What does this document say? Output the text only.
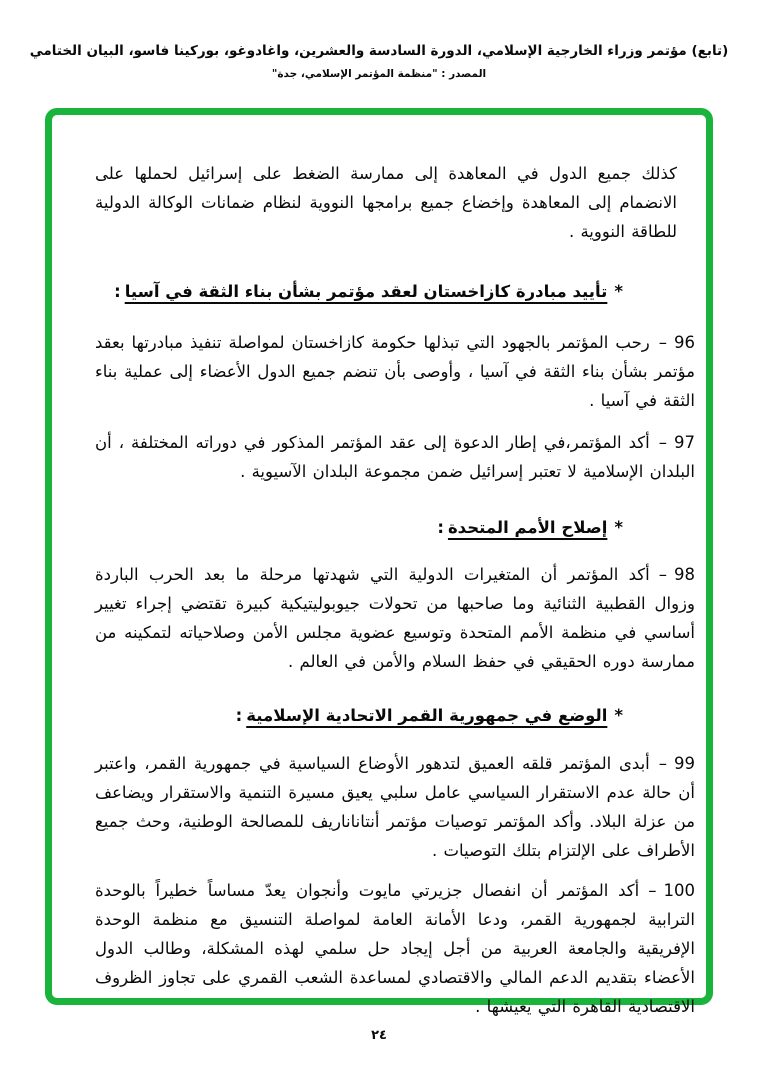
(تابع) مؤتمر وزراء الخارجية الإسلامي، الدورة السادسة والعشرين، واغادوغو، بوركينا فاسو، البيان الختامي
المصدر : "منظمة المؤتمر الإسلامي، جدة"

كذلك جميع الدول في المعاهدة إلى ممارسة الضغط على إسرائيل لحملها على الانضمام إلى المعاهدة وإخضاع جميع برامجها النووية لنظام ضمانات الوكالة الدولية للطاقة النووية .

*تأييد مبادرة كازاخستان لعقد مؤتمر بشأن بناء الثقة في آسيا:

96–رحب المؤتمر بالجهود التي تبذلها حكومة كازاخستان لمواصلة تنفيذ مبادرتها بعقد مؤتمر بشأن بناء الثقة في آسيا ، وأوصى بأن تنضم جميع الدول الأعضاء إلى عملية بناء الثقة في آسيا .

97–أكد المؤتمر،في إطار الدعوة إلى عقد المؤتمر المذكور في دوراته المختلفة ، أن البلدان الإسلامية لا تعتبر إسرائيل ضمن مجموعة البلدان الآسيوية .

*إصلاح الأمم المتحدة:

98–أكد المؤتمر أن المتغيرات الدولية التي شهدتها مرحلة ما بعد الحرب الباردة وزوال القطبية الثنائية وما صاحبها من تحولات جيوبوليتيكية كبيرة تقتضي إجراء تغيير أساسي في منظمة الأمم المتحدة وتوسيع عضوية مجلس الأمن وصلاحياته لتمكينه من ممارسة دوره الحقيقي في حفظ السلام والأمن في العالم .

*الوضع في جمهورية القمر الاتحادية الإسلامية:

99–أبدى المؤتمر قلقه العميق لتدهور الأوضاع السياسية في جمهورية القمر، واعتبر أن حالة عدم الاستقرار السياسي عامل سلبي يعيق مسيرة التنمية والاستقرار ويضاعف من عزلة البلاد. وأكد المؤتمر توصيات مؤتمر أنتاناناريف للمصالحة الوطنية، وحث جميع الأطراف على الإلتزام بتلك التوصيات .

100–أكد المؤتمر أن انفصال جزيرتي مايوت وأنجوان يعدّ مساساً خطيراً بالوحدة الترابية لجمهورية القمر، ودعا الأمانة العامة لمواصلة التنسيق مع منظمة الوحدة الإفريقية والجامعة العربية من أجل إيجاد حل سلمي لهذه المشكلة، وطالب الدول الأعضاء بتقديم الدعم المالي والاقتصادي لمساعدة الشعب القمري على تجاوز الظروف الاقتصادية القاهرة التي يعيشها .

٢٤
